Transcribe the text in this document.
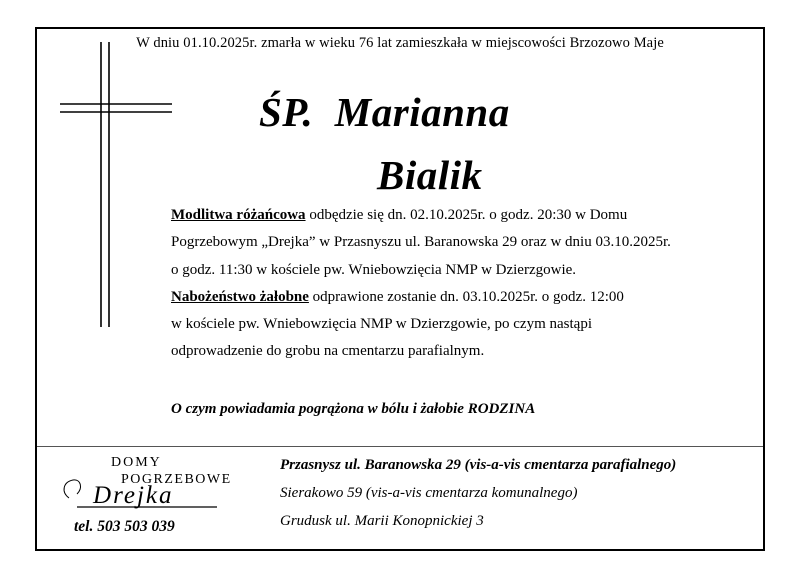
W dniu 01.10.2025r. zmarła w wieku 76 lat zamieszkała w miejscowości Brzozowo Maje
ŚP.  Marianna
Bialik

Modlitwa różańcowa odbędzie się dn. 02.10.2025r. o godz. 20:30 w Domu

Pogrzebowym „Drejka” w Przasnyszu ul. Baranowska 29 oraz w dniu 03.10.2025r.

o godz. 11:30 w kościele pw. Wniebowzięcia NMP w Dzierzgowie.

Nabożeństwo żałobne odprawione zostanie dn. 03.10.2025r. o godz. 12:00

w kościele pw. Wniebowzięcia NMP w Dzierzgowie, po czym nastąpi

odprowadzenie do grobu na cmentarzu parafialnym.

O czym powiadamia pogrążona w bólu i żałobie RODZINA
DOMY
POGRZEBOWE
Drejka
tel. 503 503 039
Przasnysz ul. Baranowska 29 (vis-a-vis cmentarza parafialnego)
Sierakowo 59 (vis-a-vis cmentarza komunalnego)
Grudusk ul. Marii Konopnickiej 3
